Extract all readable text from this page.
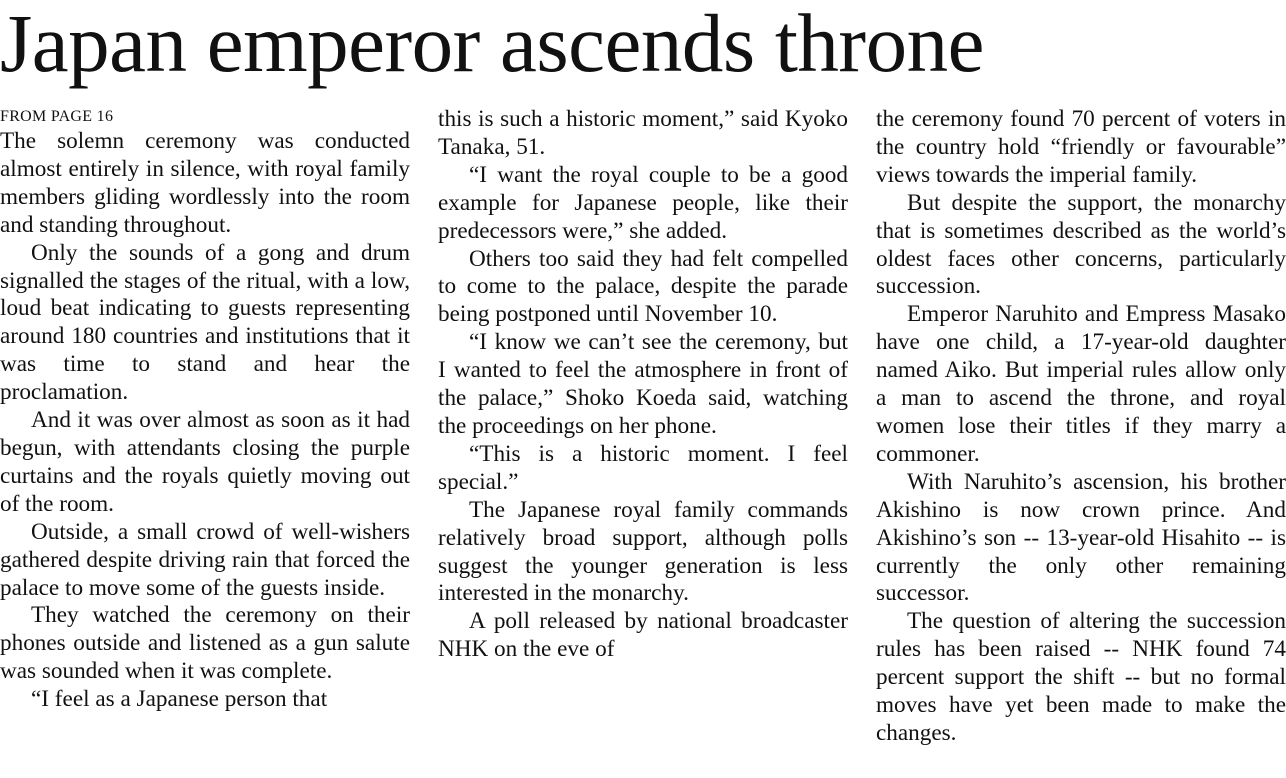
Japan emperor ascends throne
FROM PAGE 16

The solemn ceremony was conducted almost entirely in silence, with royal family members gliding wordlessly into the room and standing throughout.

Only the sounds of a gong and drum signalled the stages of the ritual, with a low, loud beat indicating to guests representing around 180 countries and institutions that it was time to stand and hear the proclamation.

And it was over almost as soon as it had begun, with attendants closing the purple curtains and the royals quietly moving out of the room.

Outside, a small crowd of well-wishers gathered despite driving rain that forced the palace to move some of the guests inside.

They watched the ceremony on their phones outside and listened as a gun salute was sounded when it was complete.

“I feel as a Japanese person that

this is such a historic moment,” said Kyoko Tanaka, 51.

“I want the royal couple to be a good example for Japanese people, like their predecessors were,” she added.

Others too said they had felt compelled to come to the palace, despite the parade being postponed until November 10.

“I know we can’t see the ceremony, but I wanted to feel the atmosphere in front of the palace,” Shoko Koeda said, watching the proceedings on her phone.

“This is a historic moment. I feel special.”

The Japanese royal family commands relatively broad support, although polls suggest the younger generation is less interested in the monarchy.

A poll released by national broadcaster NHK on the eve of

the ceremony found 70 percent of voters in the country hold “friendly or favourable” views towards the imperial family.

But despite the support, the monarchy that is sometimes described as the world’s oldest faces other concerns, particularly succession.

Emperor Naruhito and Empress Masako have one child, a 17-year-old daughter named Aiko. But imperial rules allow only a man to ascend the throne, and royal women lose their titles if they marry a commoner.

With Naruhito’s ascension, his brother Akishino is now crown prince. And Akishino’s son -- 13-year-old Hisahito -- is currently the only other remaining successor.

The question of altering the succession rules has been raised -- NHK found 74 percent support the shift -- but no formal moves have yet been made to make the changes.
